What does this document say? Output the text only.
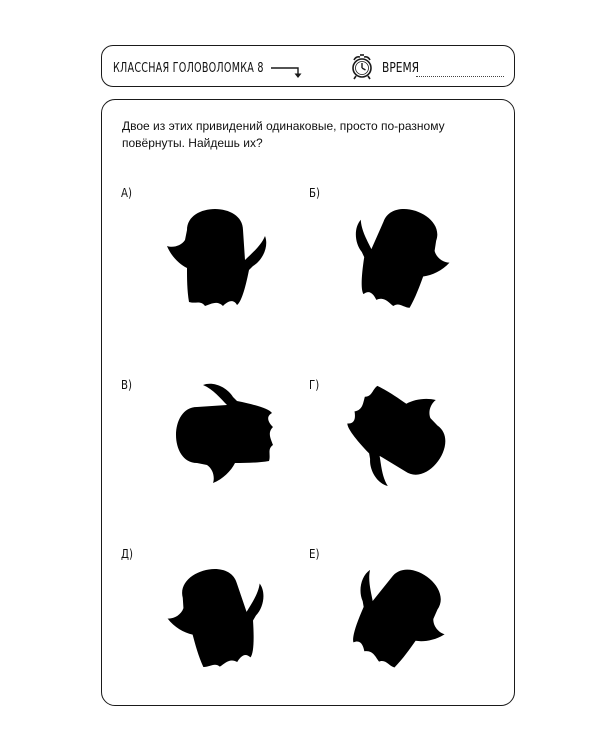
КЛАССНАЯ ГОЛОВОЛОМКА 8	ВРЕМЯ
Двое из этих привидений одинаковые, просто по-разному повёрнуты. Найдешь их?
А)	Б)
В)	Г)
Д)	Е)
